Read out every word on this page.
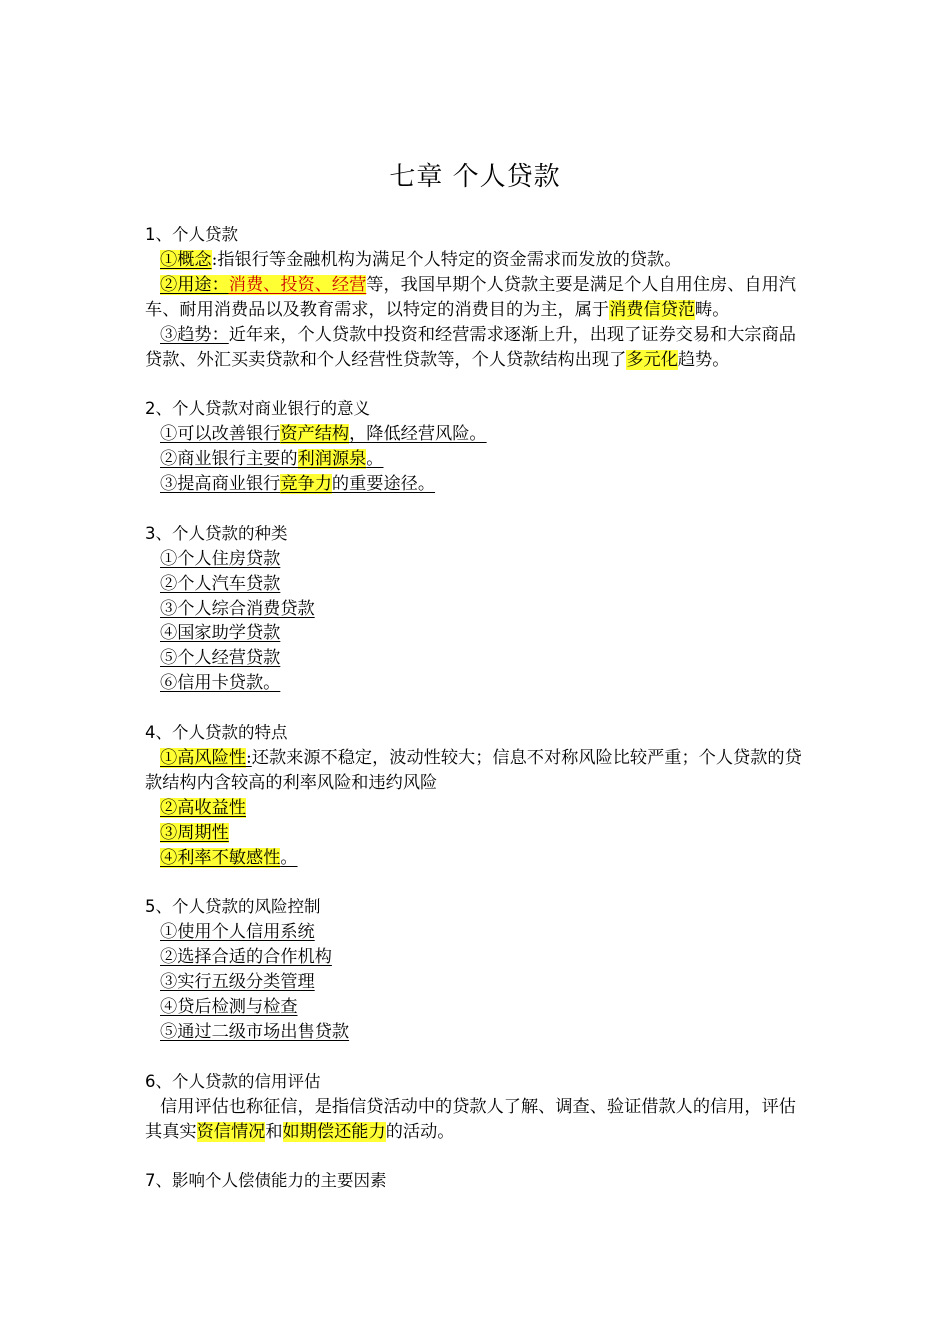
七章 个人贷款

1、个人贷款

①概念:指银行等金融机构为满足个人特定的资金需求而发放的贷款。

②用途：消费、投资、经营等，我国早期个人贷款主要是满足个人自用住房、自用汽车、耐用消费品以及教育需求，以特定的消费目的为主，属于消费信贷范畴。

③趋势：近年来，个人贷款中投资和经营需求逐渐上升，出现了证券交易和大宗商品贷款、外汇买卖贷款和个人经营性贷款等，个人贷款结构出现了多元化趋势。

2、个人贷款对商业银行的意义

①可以改善银行资产结构，降低经营风险。

②商业银行主要的利润源泉。

③提高商业银行竞争力的重要途径。

3、个人贷款的种类

①个人住房贷款

②个人汽车贷款

③个人综合消费贷款

④国家助学贷款

⑤个人经营贷款

⑥信用卡贷款。

4、个人贷款的特点

①高风险性:还款来源不稳定，波动性较大；信息不对称风险比较严重；个人贷款的贷款结构内含较高的利率风险和违约风险

②高收益性

③周期性

④利率不敏感性。

5、个人贷款的风险控制

①使用个人信用系统

②选择合适的合作机构

③实行五级分类管理

④贷后检测与检查

⑤通过二级市场出售贷款

6、个人贷款的信用评估

信用评估也称征信，是指信贷活动中的贷款人了解、调查、验证借款人的信用，评估其真实资信情况和如期偿还能力的活动。

7、影响个人偿债能力的主要因素
